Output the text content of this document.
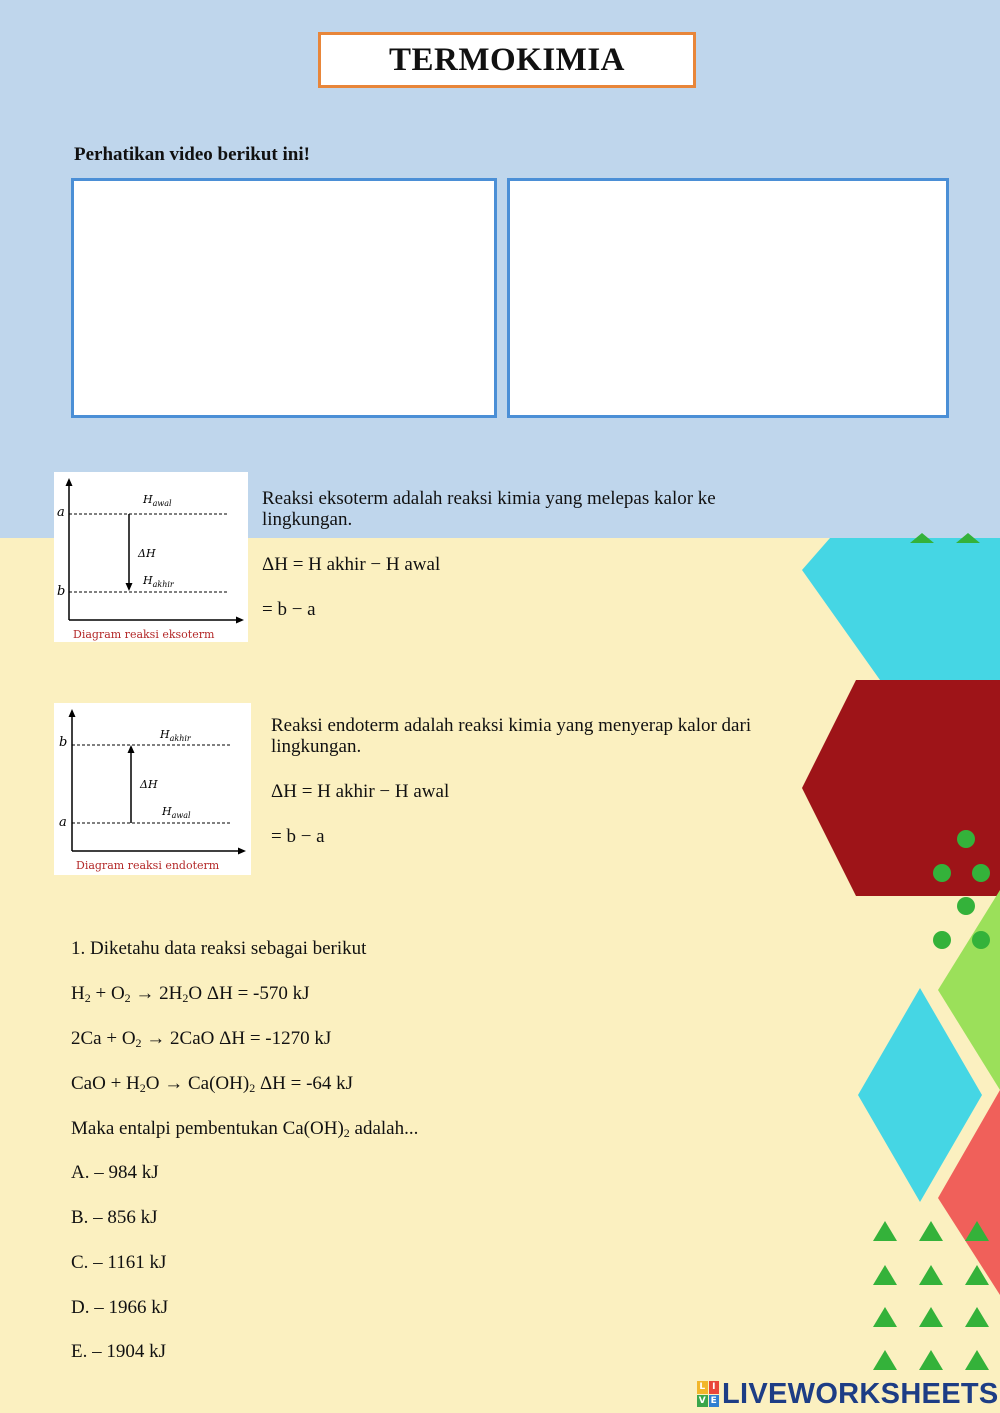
TERMOKIMIA
Perhatikan video berikut ini!
a
b
$H_{awal}$
ΔH
$H_{akhir}$
Diagram reaksi eksoterm
Reaksi eksoterm adalah reaksi kimia yang melepas kalor ke lingkungan.
ΔH = H akhir − H awal
= b − a
b
a
$H_{akhir}$
ΔH
$H_{awal}$
Diagram reaksi endoterm
Reaksi endoterm adalah reaksi kimia yang menyerap kalor dari lingkungan.
ΔH = H akhir − H awal
= b − a
1. Diketahu data reaksi sebagai berikut
$H_2 + O_2 \to 2H_2O$ ΔH = -570 kJ
$2Ca + O_2 \to 2CaO$ ΔH = -1270 kJ
CaO + $H_2O \to Ca(OH)_2$ ΔH = -64 kJ
Maka entalpi pembentukan $Ca(OH)_2$ adalah...
A. – 984 kJ
B. – 856 kJ
C. – 1161 kJ
D. – 1966 kJ
E. – 1904 kJ
L I
V E LIVEWORKSHEETS
